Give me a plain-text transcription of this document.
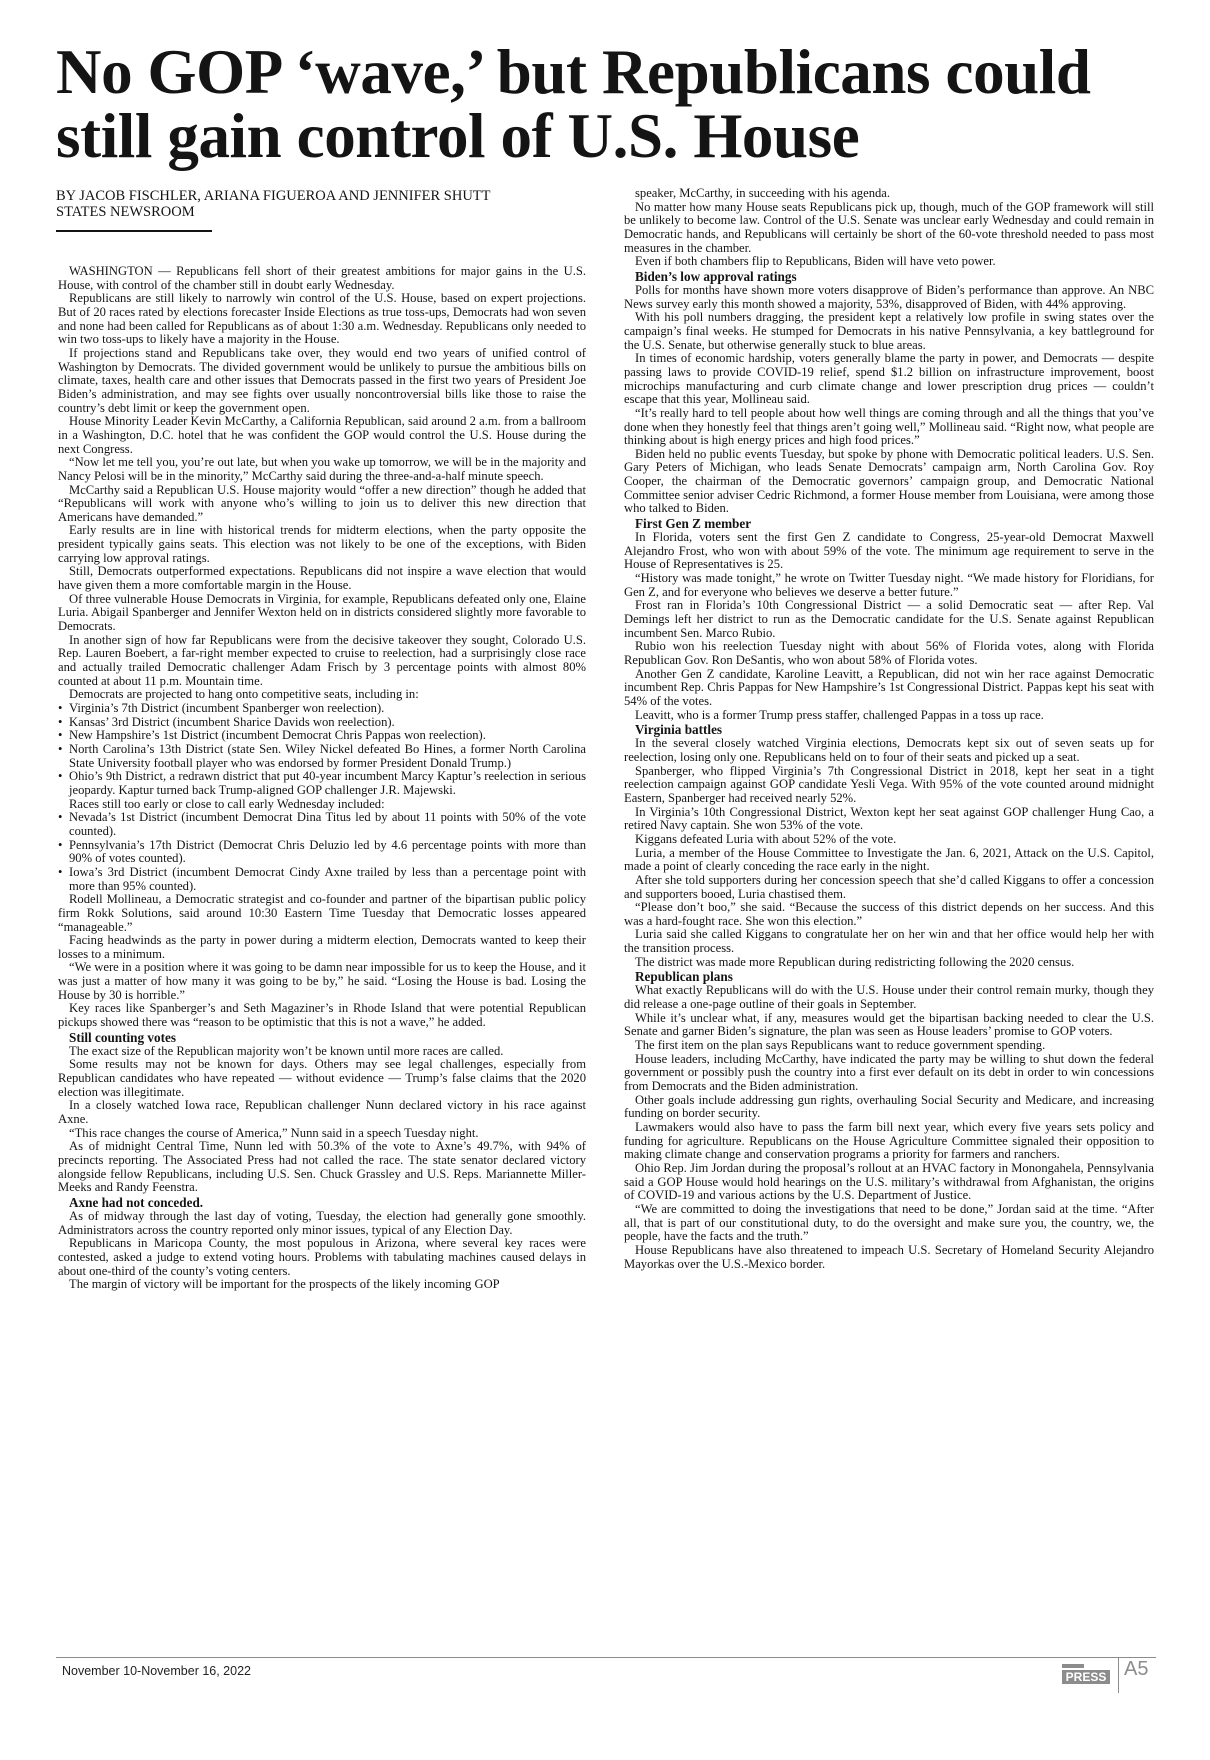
No GOP ‘wave,’ but Republicans could still gain control of U.S. House
BY JACOB FISCHLER, ARIANA FIGUEROA AND JENNIFER SHUTT
STATES NEWSROOM

WASHINGTON — Republicans fell short of their greatest ambitions for major gains in the U.S. House, with control of the chamber still in doubt early Wednesday.

Republicans are still likely to narrowly win control of the U.S. House, based on expert projections. But of 20 races rated by elections forecaster Inside Elections as true toss-ups, Democrats had won seven and none had been called for Republicans as of about 1:30 a.m. Wednesday. Republicans only needed to win two toss-ups to likely have a majority in the House.

If projections stand and Republicans take over, they would end two years of unified control of Washington by Democrats. The divided government would be unlikely to pursue the ambitious bills on climate, taxes, health care and other issues that Democrats passed in the first two years of President Joe Biden’s administration, and may see fights over usually noncontroversial bills like those to raise the country’s debt limit or keep the government open.

House Minority Leader Kevin McCarthy, a California Republican, said around 2 a.m. from a ballroom in a Washington, D.C. hotel that he was confident the GOP would control the U.S. House during the next Congress.

“Now let me tell you, you’re out late, but when you wake up tomorrow, we will be in the majority and Nancy Pelosi will be in the minority,” McCarthy said during the three-and-a-half minute speech.

McCarthy said a Republican U.S. House majority would “offer a new direction” though he added that “Republicans will work with anyone who’s willing to join us to deliver this new direction that Americans have demanded.”

Early results are in line with historical trends for midterm elections, when the party opposite the president typically gains seats. This election was not likely to be one of the exceptions, with Biden carrying low approval ratings.

Still, Democrats outperformed expectations. Republicans did not inspire a wave election that would have given them a more comfortable margin in the House.

Of three vulnerable House Democrats in Virginia, for example, Republicans defeated only one, Elaine Luria. Abigail Spanberger and Jennifer Wexton held on in districts considered slightly more favorable to Democrats.

In another sign of how far Republicans were from the decisive takeover they sought, Colorado U.S. Rep. Lauren Boebert, a far-right member expected to cruise to reelection, had a surprisingly close race and actually trailed Democratic challenger Adam Frisch by 3 percentage points with almost 80% counted at about 11 p.m. Mountain time.

Democrats are projected to hang onto competitive seats, including in:

• Virginia’s 7th District (incumbent Spanberger won reelection).
• Kansas’ 3rd District (incumbent Sharice Davids won reelection).
• New Hampshire’s 1st District (incumbent Democrat Chris Pappas won reelection).
• North Carolina’s 13th District (state Sen. Wiley Nickel defeated Bo Hines, a former North Carolina State University football player who was endorsed by former President Donald Trump.)
• Ohio’s 9th District, a redrawn district that put 40-year incumbent Marcy Kaptur’s reelection in serious jeopardy. Kaptur turned back Trump-aligned GOP challenger J.R. Majewski.

Races still too early or close to call early Wednesday included:

• Nevada’s 1st District (incumbent Democrat Dina Titus led by about 11 points with 50% of the vote counted).
• Pennsylvania’s 17th District (Democrat Chris Deluzio led by 4.6 percentage points with more than 90% of votes counted).
• Iowa’s 3rd District (incumbent Democrat Cindy Axne trailed by less than a percentage point with more than 95% counted).

Rodell Mollineau, a Democratic strategist and co-founder and partner of the bipartisan public policy firm Rokk Solutions, said around 10:30 Eastern Time Tuesday that Democratic losses appeared “manageable.”

Facing headwinds as the party in power during a midterm election, Democrats wanted to keep their losses to a minimum.

“We were in a position where it was going to be damn near impossible for us to keep the House, and it was just a matter of how many it was going to be by,” he said. “Losing the House is bad. Losing the House by 30 is horrible.”

Key races like Spanberger’s and Seth Magaziner’s in Rhode Island that were potential Republican pickups showed there was “reason to be optimistic that this is not a wave,” he added.

Still counting votes

The exact size of the Republican majority won’t be known until more races are called.

Some results may not be known for days. Others may see legal challenges, especially from Republican candidates who have repeated — without evidence — Trump’s false claims that the 2020 election was illegitimate.

In a closely watched Iowa race, Republican challenger Nunn declared victory in his race against Axne.

“This race changes the course of America,” Nunn said in a speech Tuesday night.

As of midnight Central Time, Nunn led with 50.3% of the vote to Axne’s 49.7%, with 94% of precincts reporting. The Associated Press had not called the race. The state senator declared victory alongside fellow Republicans, including U.S. Sen. Chuck Grassley and U.S. Reps. Mariannette Miller-Meeks and Randy Feenstra.

Axne had not conceded.

As of midway through the last day of voting, Tuesday, the election had generally gone smoothly. Administrators across the country reported only minor issues, typical of any Election Day.

Republicans in Maricopa County, the most populous in Arizona, where several key races were contested, asked a judge to extend voting hours. Problems with tabulating machines caused delays in about one-third of the county’s voting centers.

The margin of victory will be important for the prospects of the likely incoming GOP

speaker, McCarthy, in succeeding with his agenda.

No matter how many House seats Republicans pick up, though, much of the GOP framework will still be unlikely to become law. Control of the U.S. Senate was unclear early Wednesday and could remain in Democratic hands, and Republicans will certainly be short of the 60-vote threshold needed to pass most measures in the chamber.

Even if both chambers flip to Republicans, Biden will have veto power.

Biden’s low approval ratings

Polls for months have shown more voters disapprove of Biden’s performance than approve. An NBC News survey early this month showed a majority, 53%, disapproved of Biden, with 44% approving.

With his poll numbers dragging, the president kept a relatively low profile in swing states over the campaign’s final weeks. He stumped for Democrats in his native Pennsylvania, a key battleground for the U.S. Senate, but otherwise generally stuck to blue areas.

In times of economic hardship, voters generally blame the party in power, and Democrats — despite passing laws to provide COVID-19 relief, spend $1.2 billion on infrastructure improvement, boost microchips manufacturing and curb climate change and lower prescription drug prices — couldn’t escape that this year, Mollineau said.

“It’s really hard to tell people about how well things are coming through and all the things that you’ve done when they honestly feel that things aren’t going well,” Mollineau said. “Right now, what people are thinking about is high energy prices and high food prices.”

Biden held no public events Tuesday, but spoke by phone with Democratic political leaders. U.S. Sen. Gary Peters of Michigan, who leads Senate Democrats’ campaign arm, North Carolina Gov. Roy Cooper, the chairman of the Democratic governors’ campaign group, and Democratic National Committee senior adviser Cedric Richmond, a former House member from Louisiana, were among those who talked to Biden.

First Gen Z member

In Florida, voters sent the first Gen Z candidate to Congress, 25-year-old Democrat Maxwell Alejandro Frost, who won with about 59% of the vote. The minimum age requirement to serve in the House of Representatives is 25.

“History was made tonight,” he wrote on Twitter Tuesday night. “We made history for Floridians, for Gen Z, and for everyone who believes we deserve a better future.”

Frost ran in Florida’s 10th Congressional District — a solid Democratic seat — after Rep. Val Demings left her district to run as the Democratic candidate for the U.S. Senate against Republican incumbent Sen. Marco Rubio.

Rubio won his reelection Tuesday night with about 56% of Florida votes, along with Florida Republican Gov. Ron DeSantis, who won about 58% of Florida votes.

Another Gen Z candidate, Karoline Leavitt, a Republican, did not win her race against Democratic incumbent Rep. Chris Pappas for New Hampshire’s 1st Congressional District. Pappas kept his seat with 54% of the votes.

Leavitt, who is a former Trump press staffer, challenged Pappas in a toss up race.

Virginia battles

In the several closely watched Virginia elections, Democrats kept six out of seven seats up for reelection, losing only one. Republicans held on to four of their seats and picked up a seat.

Spanberger, who flipped Virginia’s 7th Congressional District in 2018, kept her seat in a tight reelection campaign against GOP candidate Yesli Vega. With 95% of the vote counted around midnight Eastern, Spanberger had received nearly 52%.

In Virginia’s 10th Congressional District, Wexton kept her seat against GOP challenger Hung Cao, a retired Navy captain. She won 53% of the vote.

Kiggans defeated Luria with about 52% of the vote.

Luria, a member of the House Committee to Investigate the Jan. 6, 2021, Attack on the U.S. Capitol, made a point of clearly conceding the race early in the night.

After she told supporters during her concession speech that she’d called Kiggans to offer a concession and supporters booed, Luria chastised them.

“Please don’t boo,” she said. “Because the success of this district depends on her success. And this was a hard-fought race. She won this election.”

Luria said she called Kiggans to congratulate her on her win and that her office would help her with the transition process.

The district was made more Republican during redistricting following the 2020 census.

Republican plans

What exactly Republicans will do with the U.S. House under their control remain murky, though they did release a one-page outline of their goals in September.

While it’s unclear what, if any, measures would get the bipartisan backing needed to clear the U.S. Senate and garner Biden’s signature, the plan was seen as House leaders’ promise to GOP voters.

The first item on the plan says Republicans want to reduce government spending.

House leaders, including McCarthy, have indicated the party may be willing to shut down the federal government or possibly push the country into a first ever default on its debt in order to win concessions from Democrats and the Biden administration.

Other goals include addressing gun rights, overhauling Social Security and Medicare, and increasing funding on border security.

Lawmakers would also have to pass the farm bill next year, which every five years sets policy and funding for agriculture. Republicans on the House Agriculture Committee signaled their opposition to making climate change and conservation programs a priority for farmers and ranchers.

Ohio Rep. Jim Jordan during the proposal’s rollout at an HVAC factory in Monongahela, Pennsylvania said a GOP House would hold hearings on the U.S. military’s withdrawal from Afghanistan, the origins of COVID-19 and various actions by the U.S. Department of Justice.

“We are committed to doing the investigations that need to be done,” Jordan said at the time. “After all, that is part of our constitutional duty, to do the oversight and make sure you, the country, we, the people, have the facts and the truth.”

House Republicans have also threatened to impeach U.S. Secretary of Homeland Security Alejandro Mayorkas over the U.S.-Mexico border.

November 10-November 16, 2022	PRESS A5
